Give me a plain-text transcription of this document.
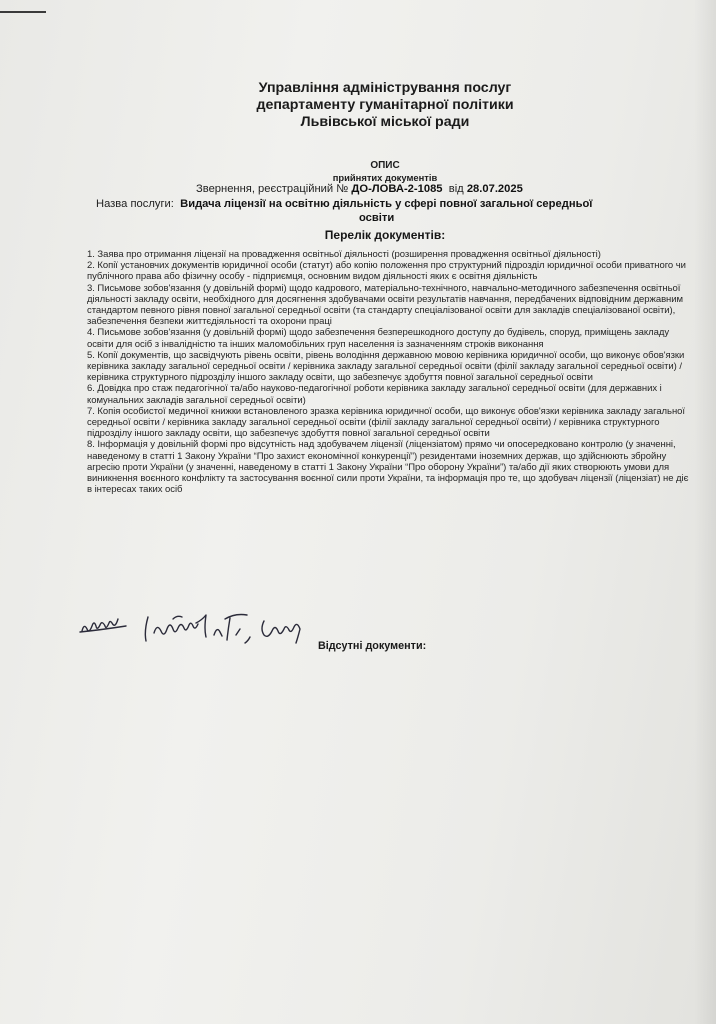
Управління адміністрування послуг
департаменту гуманітарної політики
Львівської міської ради
ОПИС
прийнятих документів
Звернення, реєстраційний № ДО-ЛОВА-2-1085 від 28.07.2025
Назва послуги: Видача ліцензії на освітню діяльність у сфері повної загальної середньої
освіти
Перелік документів:

1. Заява про отримання ліцензії на провадження освітньої діяльності (розширення провадження освітньої діяльності)

2. Копії установчих документів юридичної особи (статут) або копію положення про структурний підрозділ юридичної особи приватного чи публічного права або фізичну особу - підприємця, основним видом діяльності яких є освітня діяльність

3. Письмове зобов'язання (у довільній формі) щодо кадрового, матеріально-технічного, навчально-методичного забезпечення освітньої діяльності закладу освіти, необхідного для досягнення здобувачами освіти результатів навчання, передбачених відповідним державним стандартом певного рівня повної загальної середньої освіти (та стандарту спеціалізованої освіти для закладів спеціалізованої освіти), забезпечення безпеки життєдіяльності та охорони праці

4. Письмове зобов'язання (у довільній формі) щодо забезпечення безперешкодного доступу до будівель, споруд, приміщень закладу освіти для осіб з інвалідністю та інших маломобільних груп населення із зазначенням строків виконання

5. Копії документів, що засвідчують рівень освіти, рівень володіння державною мовою керівника юридичної особи, що виконує обов'язки керівника закладу загальної середньої освіти / керівника закладу загальної середньої освіти (філії закладу загальної середньої освіти) / керівника структурного підрозділу іншого закладу освіти, що забезпечує здобуття повної загальної середньої освіти

6. Довідка про стаж педагогічної та/або науково-педагогічної роботи керівника закладу загальної середньої освіти (для державних і комунальних закладів загальної середньої освіти)

7. Копія особистої медичної книжки встановленого зразка керівника юридичної особи, що виконує обов'язки керівника закладу загальної середньої освіти / керівника закладу загальної середньої освіти (філії закладу загальної середньої освіти) / керівника структурного підрозділу іншого закладу освіти, що забезпечує здобуття повної загальної середньої освіти

8. Інформація у довільній формі про відсутність над здобувачем ліцензії (ліцензіатом) прямо чи опосередковано контролю (у значенні, наведеному в статті 1 Закону України “Про захист економічної конкуренції”) резидентами іноземних держав, що здійснюють збройну агресію проти України (у значенні, наведеному в статті 1 Закону України “Про оборону України”) та/або дії яких створюють умови для виникнення воєнного конфлікту та застосування воєнної сили проти України, та інформація про те, що здобувач ліцензії (ліцензіат) не діє в інтересах таких осіб

Відсутні документи:
